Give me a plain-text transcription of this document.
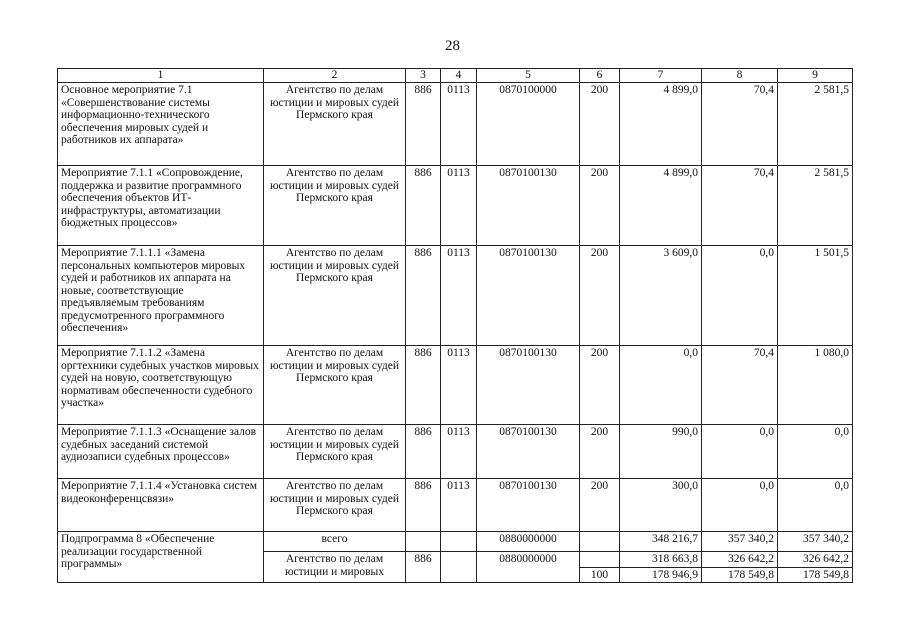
28
1	2	3	4	5	6	7	8	9
Основное мероприятие 7.1 «Совершенствование системы информационно-технического обеспечения мировых судей и работников их аппарата»	Агентство по делам юстиции и мировых судей Пермского края	886	0113	0870100000	200	4 899,0	70,4	2 581,5
Мероприятие 7.1.1 «Сопровождение, поддержка и развитие программного обеспечения объектов ИТ-инфраструктуры, автоматизации бюджетных процессов»	Агентство по делам юстиции и мировых судей Пермского края	886	0113	0870100130	200	4 899,0	70,4	2 581,5
Мероприятие 7.1.1.1 «Замена персональных компьютеров мировых судей и работников их аппарата на новые, соответствующие предъявляемым требованиям предусмотренного программного обеспечения»	Агентство по делам юстиции и мировых судей Пермского края	886	0113	0870100130	200	3 609,0	0,0	1 501,5
Мероприятие 7.1.1.2 «Замена оргтехники судебных участков мировых судей на новую, соответствующую нормативам обеспеченности судебного участка»	Агентство по делам юстиции и мировых судей Пермского края	886	0113	0870100130	200	0,0	70,4	1 080,0
Мероприятие 7.1.1.3 «Оснащение залов судебных заседаний системой аудиозаписи судебных процессов»	Агентство по делам юстиции и мировых судей Пермского края	886	0113	0870100130	200	990,0	0,0	0,0
Мероприятие 7.1.1.4 «Установка систем видеоконференцсвязи»	Агентство по делам юстиции и мировых судей Пермского края	886	0113	0870100130	200	300,0	0,0	0,0
Подпрограмма 8 «Обеспечение реализации государственной программы»	всего			0880000000		348 216,7	357 340,2	357 340,2
	Агентство по делам юстиции и мировых	886		0880000000		318 663,8	326 642,2	326 642,2
					100	178 946,9	178 549,8	178 549,8
